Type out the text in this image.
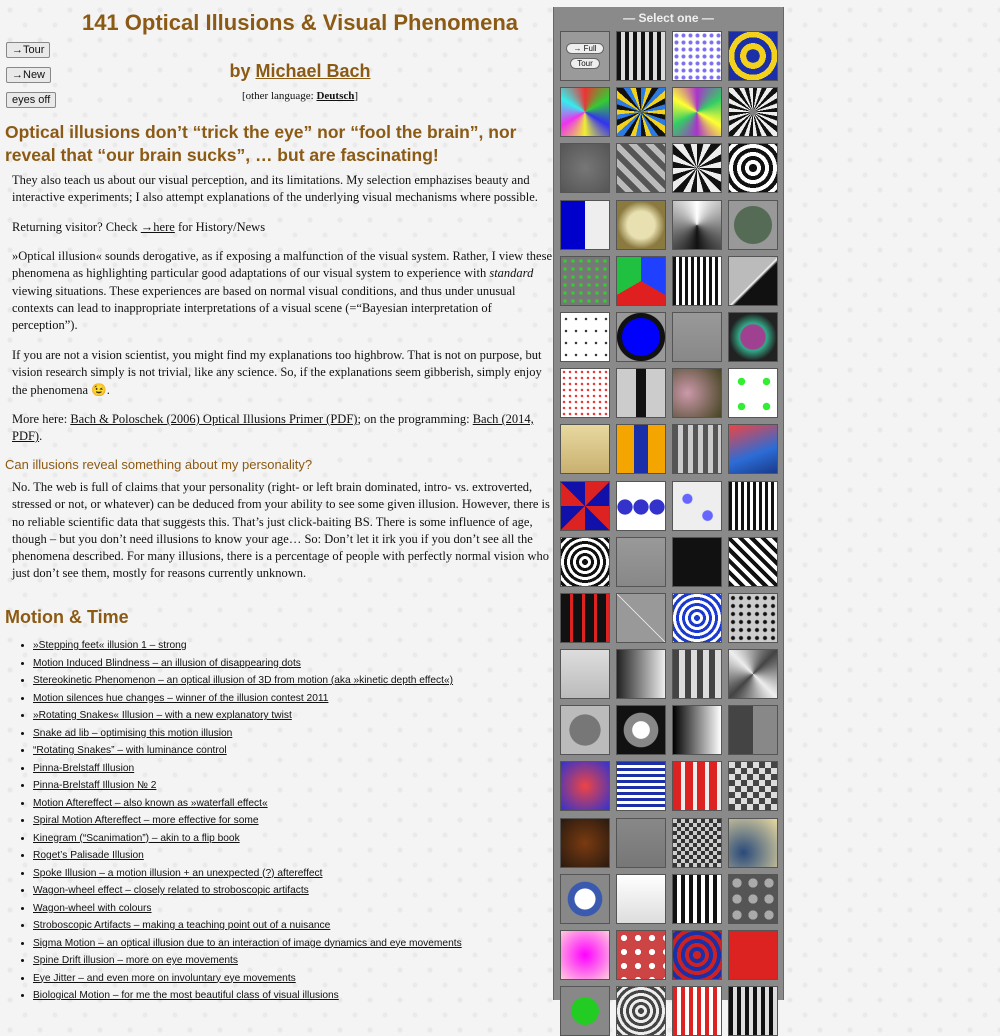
→Tour
→New
eyes off
141 Optical Illusions & Visual Phenomena
by Michael Bach
[other language: Deutsch]
Optical illusions don’t “trick the eye” nor “fool the brain”, nor reveal that “our brain sucks”, … but are fascinating!

They also teach us about our visual perception, and its limitations. My selection emphazises beauty and interactive experiments; I also attempt explanations of the underlying visual mechanisms where possible.

Returning visitor? Check →here for History/News

»Optical illusion« sounds derogative, as if exposing a malfunction of the visual system. Rather, I view these phenomena as highlighting particular good adaptations of our visual system to experience with standard viewing situations. These experiences are based on normal visual conditions, and thus under unusual contexts can lead to inappropriate interpretations of a visual scene (=“Bayesian interpretation of perception”).

If you are not a vision scientist, you might find my explanations too highbrow. That is not on purpose, but vision research simply is not trivial, like any science. So, if the explanations seem gibberish, simply enjoy the phenomena 😉.

More here: Bach & Poloschek (2006) Optical Illusions Primer (PDF); on the programming: Bach (2014, PDF).

Can illusions reveal something about my personality?

No. The web is full of claims that your personality (right- or left brain dominated, intro- vs. extroverted, stressed or not, or whatever) can be deduced from your ability to see some given illusion. However, there is no reliable scientific data that suggests this. That’s just click-baiting BS. There is some influence of age, though – but you don’t need illusions to know your age… So: Don’t let it irk you if you don’t see all the phenomena described. For many illusions, there is a percentage of people with perfectly normal vision who just don’t see them, mostly for reasons currently unknown.

Motion & Time
• »Stepping feet« illusion 1 – strong
• Motion Induced Blindness – an illusion of disappearing dots
• Stereokinetic Phenomenon – an optical illusion of 3D from motion (aka »kinetic depth effect«)
• Motion silences hue changes – winner of the illusion contest 2011
• »Rotating Snakes« Illusion – with a new explanatory twist
• Snake ad lib – optimising this motion illusion
• “Rotating Snakes” – with luminance control
• Pinna-Brelstaff Illusion
• Pinna-Brelstaff Illusion № 2
• Motion Aftereffect – also known as »waterfall effect«
• Spiral Motion Aftereffect – more effective for some
• Kinegram (“Scanimation”) – akin to a flip book
• Roget’s Palisade Illusion
• Spoke Illusion – a motion illusion + an unexpected (?) aftereffect
• Wagon-wheel effect – closely related to stroboscopic artifacts
• Wagon-wheel with colours
• Stroboscopic Artifacts – making a teaching point out of a nuisance
• Sigma Motion – an optical illusion due to an interaction of image dynamics and eye movements
• Spine Drift illusion – more on eye movements
• Eye Jitter – and even more on involuntary eye movements
• Biological Motion – for me the most beautiful class of visual illusions
— Select one —
→ Full
Tour
